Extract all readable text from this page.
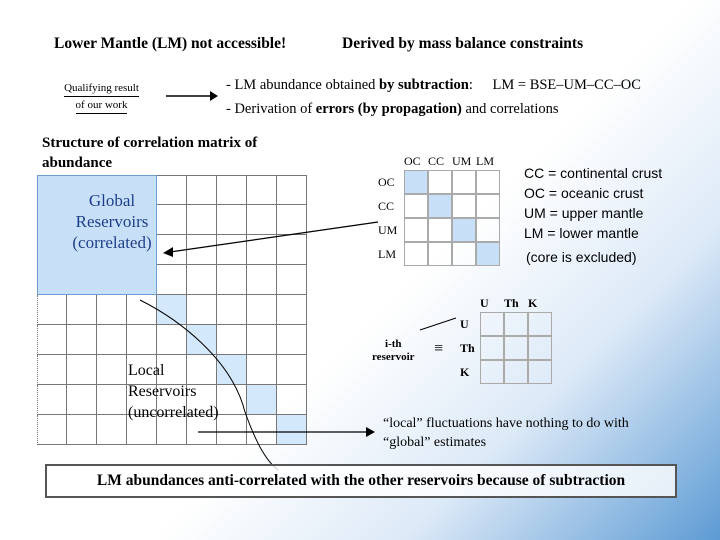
Lower Mantle (LM) not accessible!	Derived by mass balance constraints
Qualifying result
of our work
- LM abundance obtained by subtraction: LM = BSE–UM–CC–OC
- Derivation of errors (by propagation) and correlations
Structure of correlation matrix of
abundance
Global
Reservoirs
(correlated)
Local
Reservoirs
(uncorrelated)
OC CC UM LM
OC
CC
UM
LM
CC = continental crust
OC = oceanic crust
UM = upper mantle
LM = lower mantle
(core is excluded)
U	Th K
U
Th
K
i-th
reservoir ≡
“local” fluctuations have nothing to do with
“global” estimates
LM abundances anti-correlated with the other reservoirs because of subtraction
